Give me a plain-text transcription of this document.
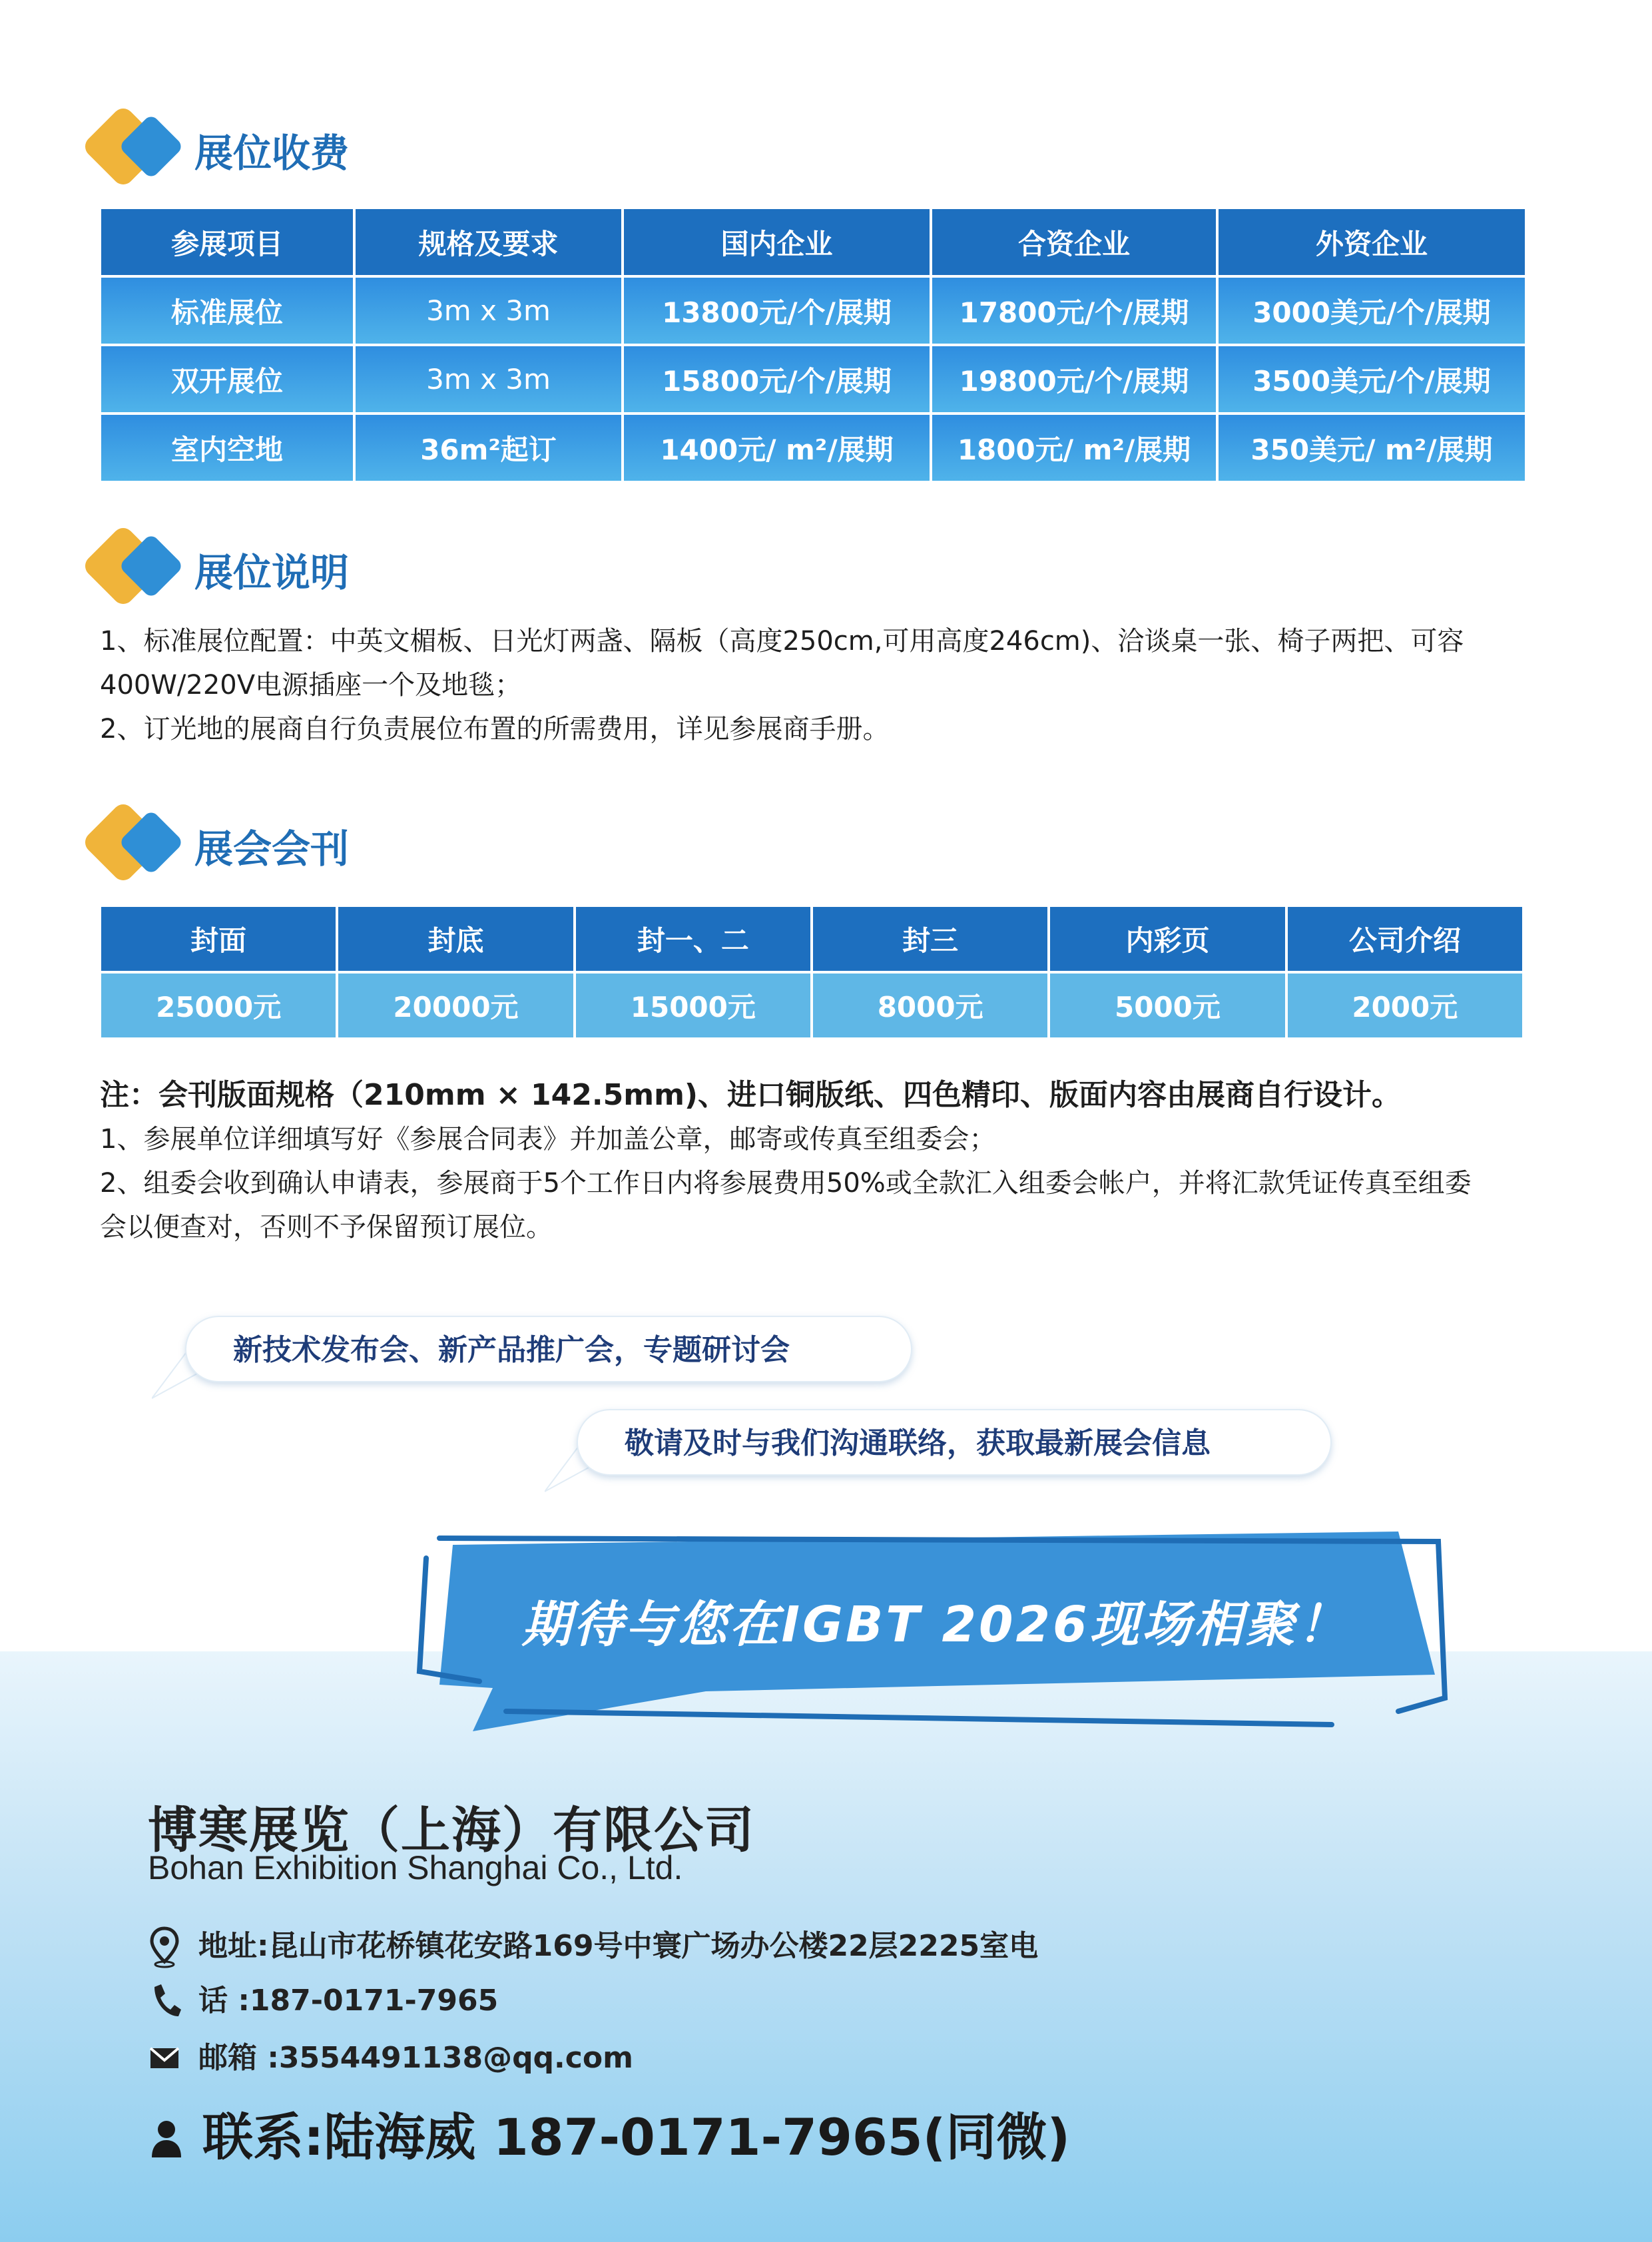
展位收费
参展项目	规格及要求	国内企业	合资企业	外资企业
标准展位	3m x 3m	13800元/个/展期	17800元/个/展期	3000美元/个/展期
双开展位	3m x 3m	15800元/个/展期	19800元/个/展期	3500美元/个/展期
室内空地	36m²起订	1400元/ m²/展期	1800元/ m²/展期	350美元/ m²/展期
展位说明
1、标准展位配置：中英文楣板、日光灯两盏、隔板（高度250cm,可用高度246cm)、洽谈桌一张、椅子两把、可容
400W/220V电源插座一个及地毯；
2、订光地的展商自行负责展位布置的所需费用，详见参展商手册。
展会会刊
封面	封底	封一、二	封三	内彩页	公司介绍
25000元	20000元	15000元	8000元	5000元	2000元
注：会刊版面规格（210mm × 142.5mm)、进口铜版纸、四色精印、版面内容由展商自行设计。
1、参展单位详细填写好《参展合同表》并加盖公章，邮寄或传真至组委会；
2、组委会收到确认申请表，参展商于5个工作日内将参展费用50%或全款汇入组委会帐户，并将汇款凭证传真至组委
会以便查对，否则不予保留预订展位。
新技术发布会、新产品推广会，专题研讨会
敬请及时与我们沟通联络，获取最新展会信息
期待与您在IGBT 2026现场相聚！
博寒展览（上海）有限公司
Bohan Exhibition Shanghai Co., Ltd.
地址:昆山市花桥镇花安路169号中寰广场办公楼22层2225室电
话 :187-0171-7965
邮箱 :3554491138@qq.com
联系:陆海威 187-0171-7965(同微)
